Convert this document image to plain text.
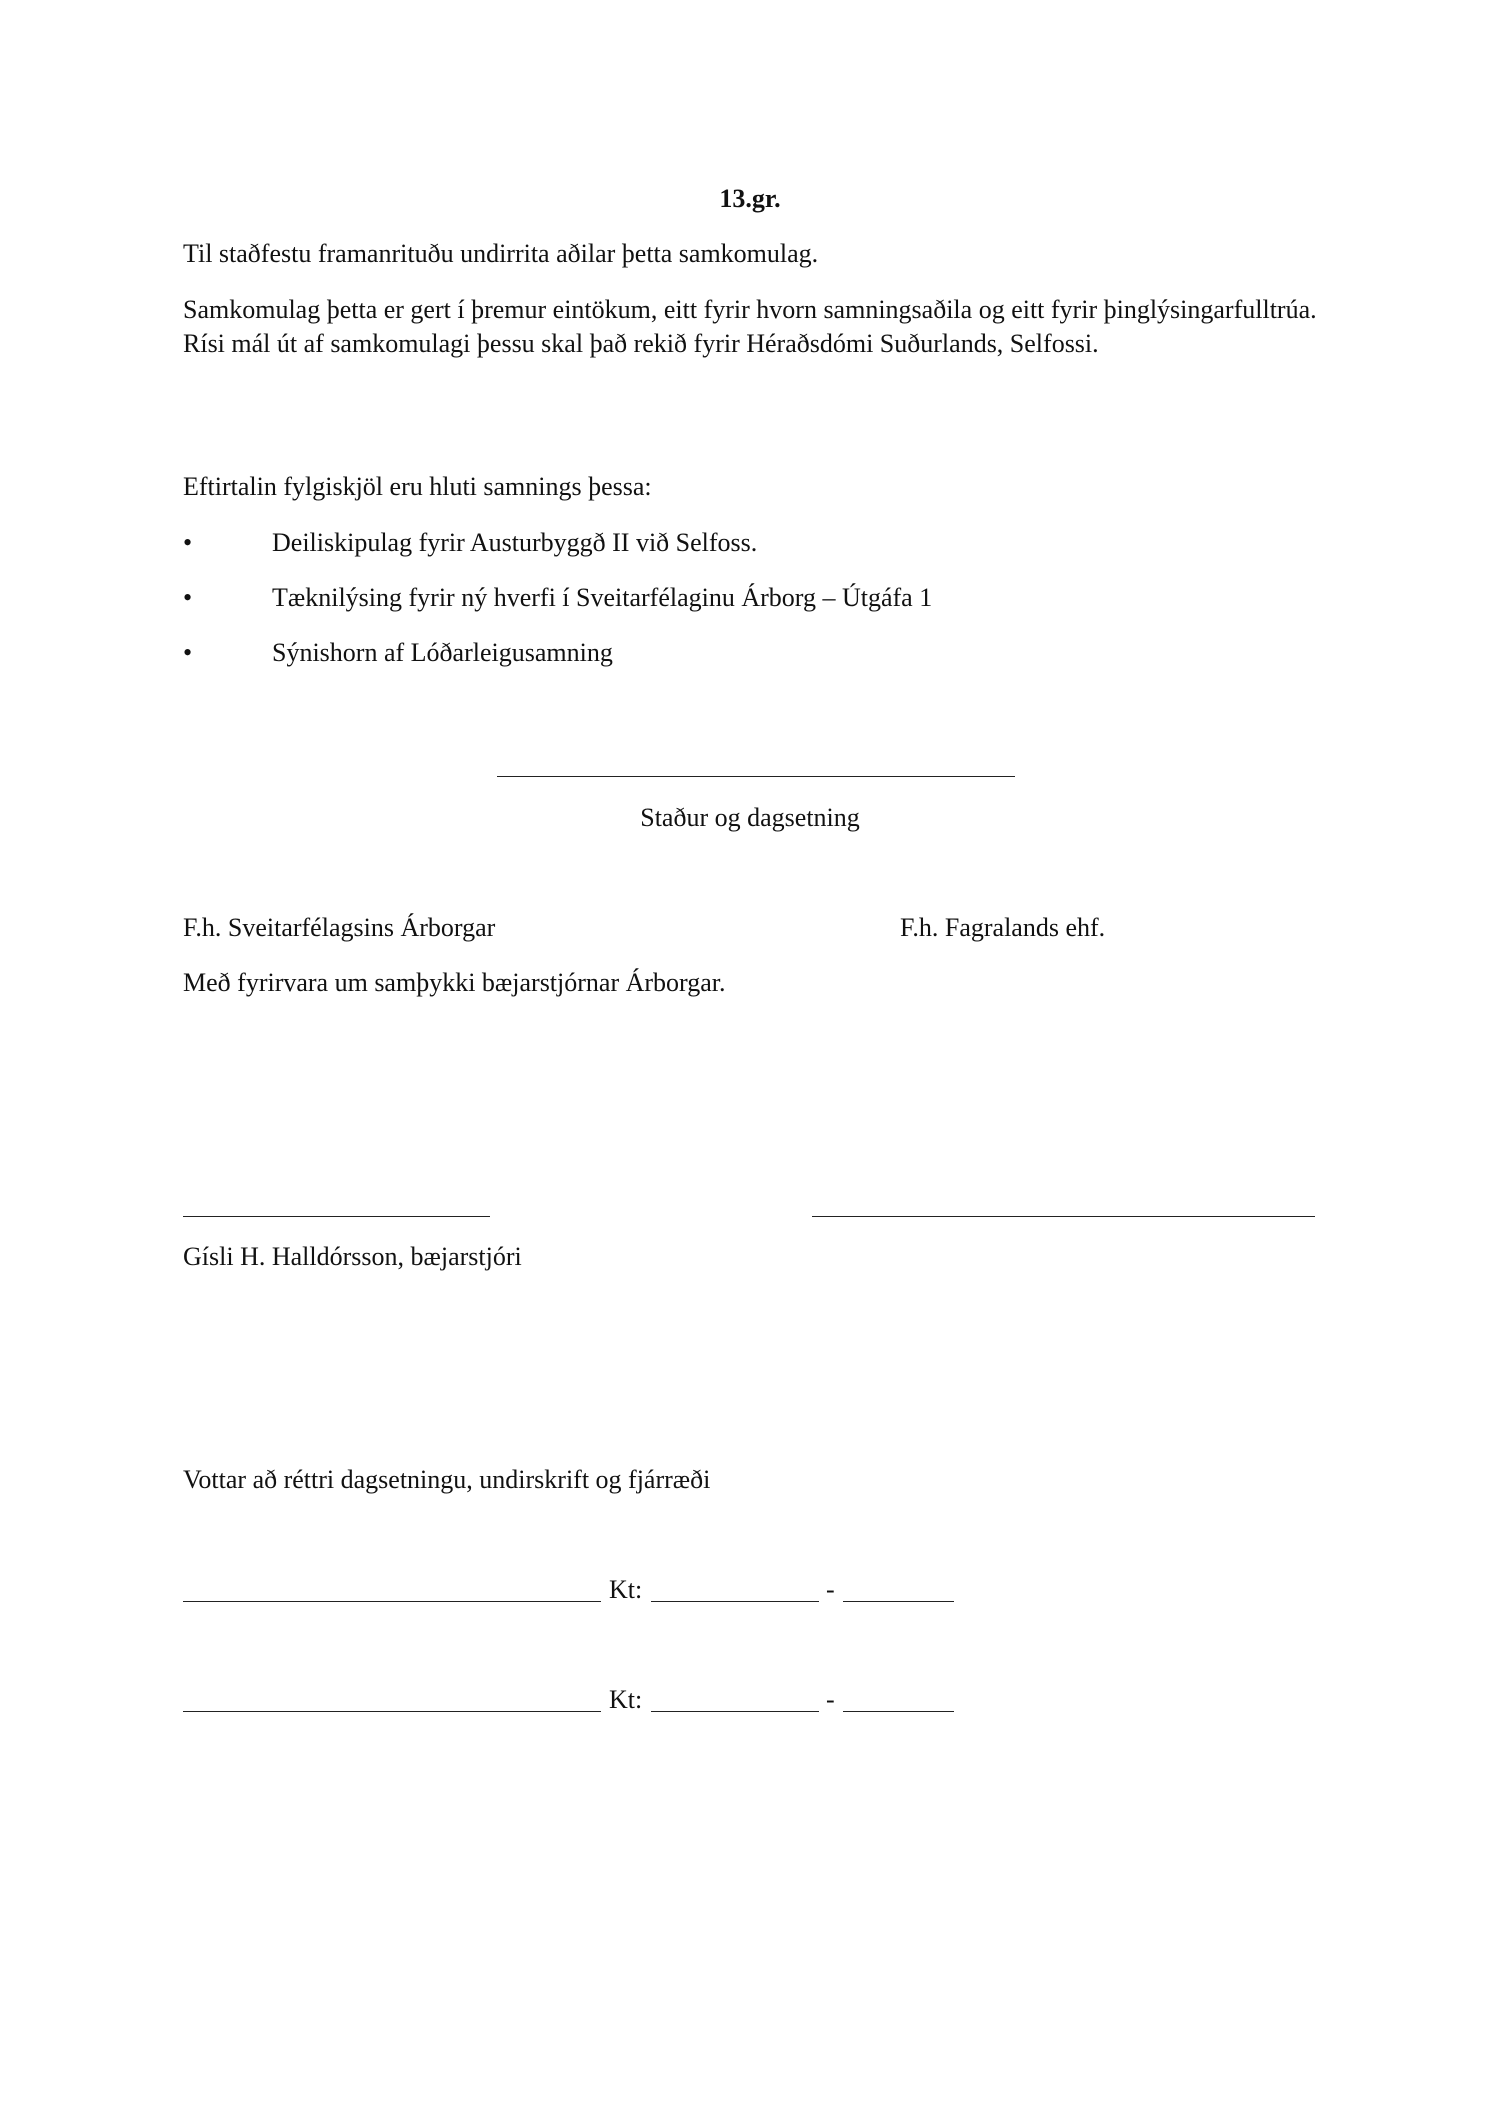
13.gr.
Til staðfestu framanrituðu undirrita aðilar þetta samkomulag.
Samkomulag þetta er gert í þremur eintökum, eitt fyrir hvorn samningsaðila og eitt fyrir þinglýsingarfulltrúa. Rísi mál út af samkomulagi þessu skal það rekið fyrir Héraðsdómi Suðurlands, Selfossi.
Eftirtalin fylgiskjöl eru hluti samnings þessa:
•	Deiliskipulag fyrir Austurbyggð II við Selfoss.
•	Tæknilýsing fyrir ný hverfi í Sveitarfélaginu Árborg – Útgáfa 1
•	Sýnishorn af Lóðarleigusamning
Staður og dagsetning
F.h. Sveitarfélagsins Árborgar	F.h. Fagralands ehf.
Með fyrirvara um samþykki bæjarstjórnar Árborgar.
Gísli H. Halldórsson, bæjarstjóri
Vottar að réttri dagsetningu, undirskrift og fjárræði
Kt:	-
Kt:	-
